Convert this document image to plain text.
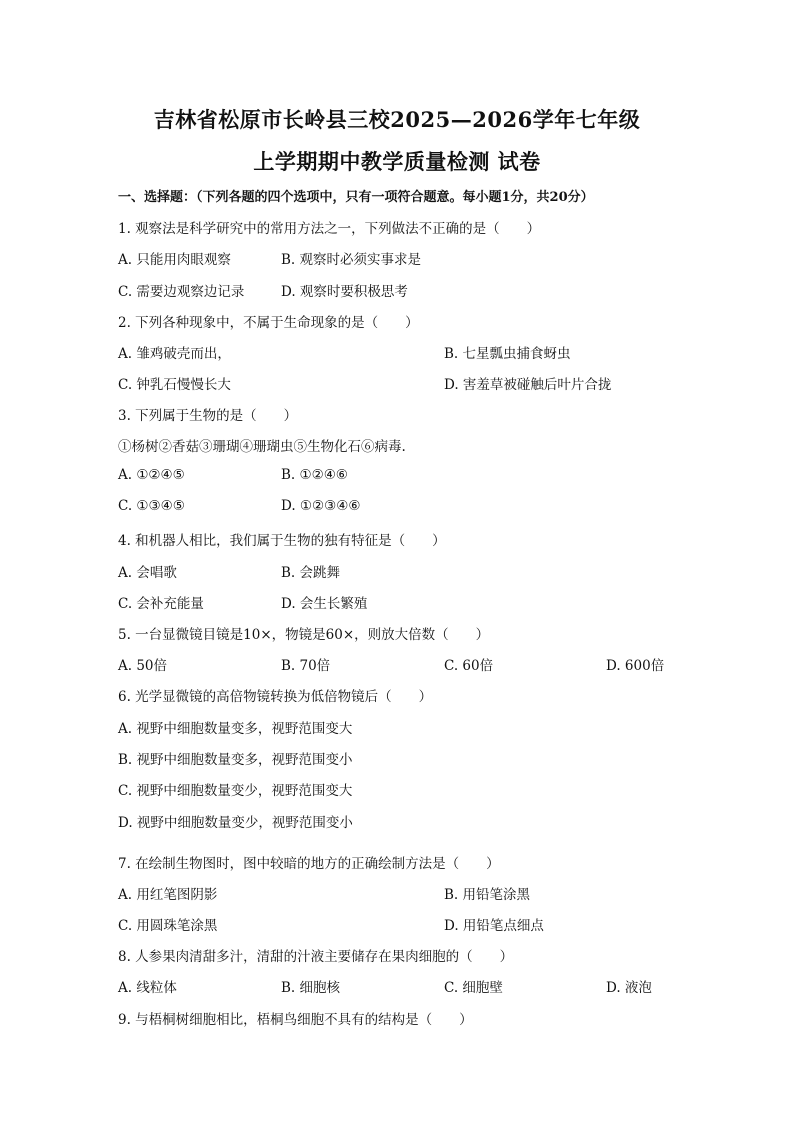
吉林省松原市长岭县三校2025—2026学年七年级
上学期期中教学质量检测 试卷
一、选择题：（下列各题的四个选项中，只有一项符合题意。每小题1分，共20分）
1. 观察法是科学研究中的常用方法之一，下列做法不正确的是（　　）
A. 只能用肉眼观察	B. 观察时必须实事求是
C. 需要边观察边记录	D. 观察时要积极思考
2. 下列各种现象中，不属于生命现象的是（　　）
A. 雏鸡破壳而出，	B. 七星瓢虫捕食蚜虫
C. 钟乳石慢慢长大	D. 害羞草被碰触后叶片合拢
3. 下列属于生物的是（　　）
①杨树②香菇③珊瑚④珊瑚虫⑤生物化石⑥病毒.
A. ①②④⑤	B. ①②④⑥
C. ①③④⑤	D. ①②③④⑥
4. 和机器人相比，我们属于生物的独有特征是（　　）
A. 会唱歌	B. 会跳舞
C. 会补充能量	D. 会生长繁殖
5. 一台显微镜目镜是10×，物镜是60×，则放大倍数（　　）
A. 50倍	B. 70倍	C. 60倍	D. 600倍
6. 光学显微镜的高倍物镜转换为低倍物镜后（　　）
A. 视野中细胞数量变多，视野范围变大
B. 视野中细胞数量变多，视野范围变小
C. 视野中细胞数量变少，视野范围变大
D. 视野中细胞数量变少，视野范围变小
7. 在绘制生物图时，图中较暗的地方的正确绘制方法是（　　）
A. 用红笔图阴影	B. 用铅笔涂黑
C. 用圆珠笔涂黑	D. 用铅笔点细点
8. 人参果肉清甜多汁，清甜的汁液主要储存在果肉细胞的（　　）
A. 线粒体	B. 细胞核	C. 细胞壁	D. 液泡
9. 与梧桐树细胞相比，梧桐鸟细胞不具有的结构是（　　）
